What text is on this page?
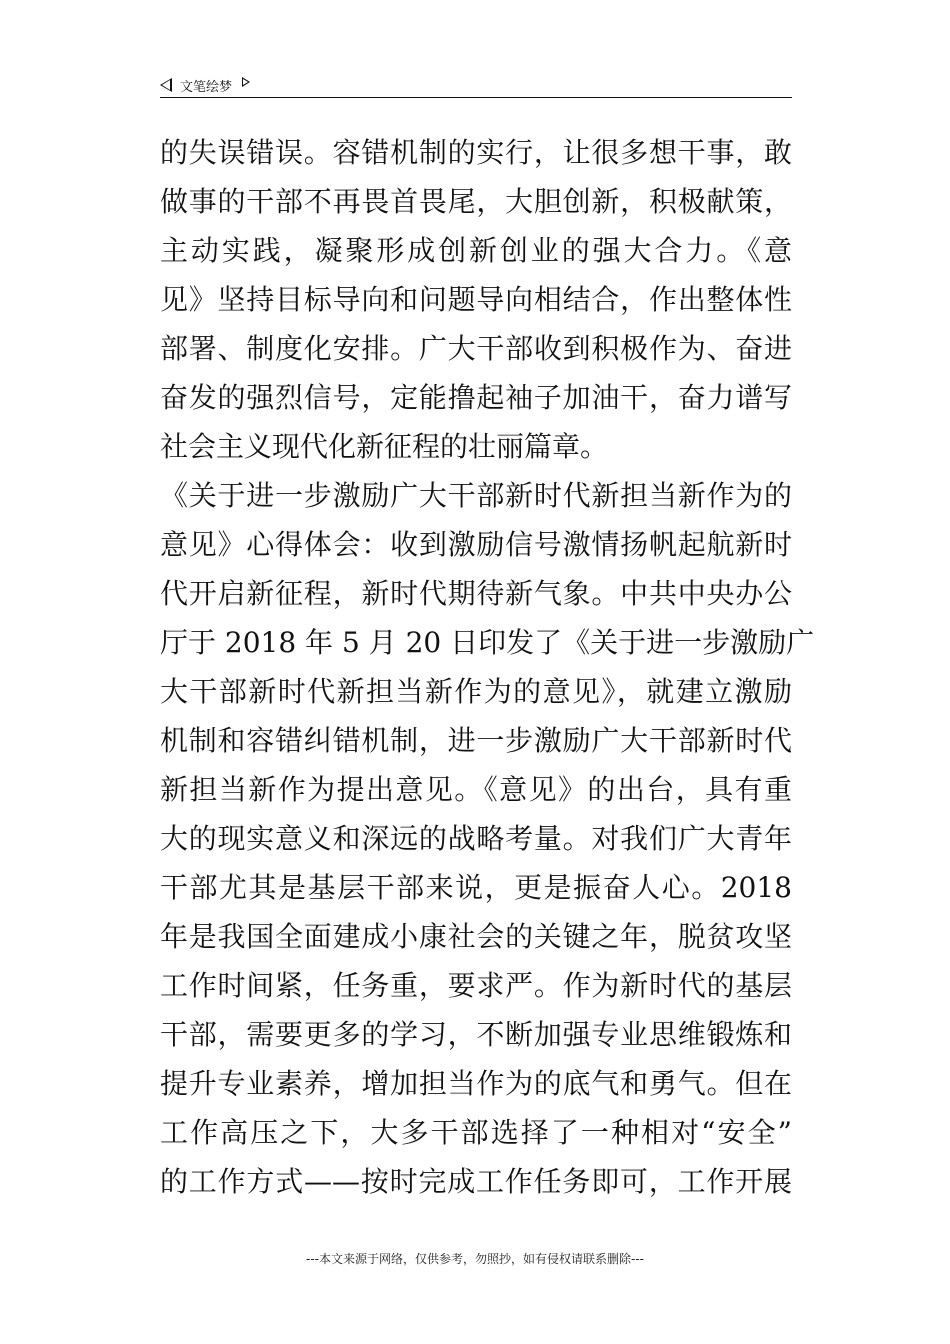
文笔绘梦
的失误错误。容错机制的实行，让很多想干事，敢
做事的干部不再畏首畏尾，大胆创新，积极献策，
主动实践，凝聚形成创新创业的强大合力。《意
见》坚持目标导向和问题导向相结合，作出整体性
部署、制度化安排。广大干部收到积极作为、奋进
奋发的强烈信号，定能撸起袖子加油干，奋力谱写
社会主义现代化新征程的壮丽篇章。
《关于进一步激励广大干部新时代新担当新作为的
意见》心得体会：收到激励信号激情扬帆起航新时
代开启新征程，新时代期待新气象。中共中央办公
厅于 2018 年 5 月 20 日印发了《关于进一步激励广
大干部新时代新担当新作为的意见》，就建立激励
机制和容错纠错机制，进一步激励广大干部新时代
新担当新作为提出意见。《意见》的出台，具有重
大的现实意义和深远的战略考量。对我们广大青年
干部尤其是基层干部来说，更是振奋人心。2018
年是我国全面建成小康社会的关键之年，脱贫攻坚
工作时间紧，任务重，要求严。作为新时代的基层
干部，需要更多的学习，不断加强专业思维锻炼和
提升专业素养，增加担当作为的底气和勇气。但在
工作高压之下，大多干部选择了一种相对“安全”
的工作方式——按时完成工作任务即可，工作开展
---本文来源于网络，仅供参考，勿照抄，如有侵权请联系删除---
